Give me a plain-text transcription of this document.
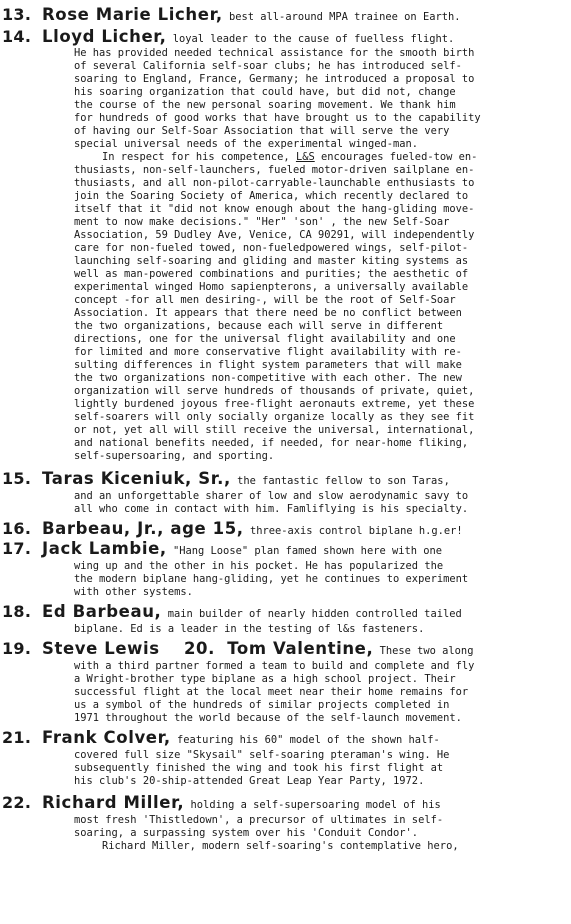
13. Rose Marie Licher, best all-around MPA trainee on Earth.
14. Lloyd Licher, loyal leader to the cause of fuelless flight.
He has provided needed technical assistance for the smooth birth
of several California self-soar clubs; he has introduced self-
soaring to England, France, Germany; he introduced a proposal to
his soaring organization that could have, but did not, change
the course of the new personal soaring movement. We thank him
for hundreds of good works that have brought us to the capability
of having our Self-Soar Association that will serve the very
special universal needs of the experimental winged-man.
In respect for his competence, L&S encourages fueled-tow en-
thusiasts, non-self-launchers, fueled motor-driven sailplane en-
thusiasts, and all non-pilot-carryable-launchable enthusiasts to
join the Soaring Society of America, which recently declared to
itself that it "did not know enough about the hang-gliding move-
ment to now make decisions." "Her" 'son' , the new Self-Soar
Association, 59 Dudley Ave, Venice, CA 90291, will independently
care for non-fueled towed, non-fueledpowered wings, self-pilot-
launching self-soaring and gliding and master kiting systems as
well as man-powered combinations and purities; the aesthetic of
experimental winged Homo sapienpterons, a universally available
concept -for all men desiring-, will be the root of Self-Soar
Association. It appears that there need be no conflict between
the two organizations, because each will serve in different
directions, one for the universal flight availability and one
for limited and more conservative flight availability with re-
sulting differences in flight system parameters that will make
the two organizations non-competitive with each other. The new
organization will serve hundreds of thousands of private, quiet,
lightly burdened joyous free-flight aeronauts extreme, yet these
self-soarers will only socially organize locally as they see fit
or not, yet all will still receive the universal, international,
and national benefits needed, if needed, for near-home fliking,
self-supersoaring, and sporting.
15. Taras Kiceniuk, Sr., the fantastic fellow to son Taras,
and an unforgettable sharer of low and slow aerodynamic savy to
all who come in contact with him. Famliflying is his specialty.
16. Barbeau, Jr., age 15, three-axis control biplane h.g.er!
17. Jack Lambie, "Hang Loose" plan famed shown here with one
wing up and the other in his pocket. He has popularized the
the modern biplane hang-gliding, yet he continues to experiment
with other systems.
18. Ed Barbeau, main builder of nearly hidden controlled tailed
biplane. Ed is a leader in the testing of l&s fasteners.
19. Steve Lewis 20. Tom Valentine, These two along
with a third partner formed a team to build and complete and fly
a Wright-brother type biplane as a high school project. Their
successful flight at the local meet near their home remains for
us a symbol of the hundreds of similar projects completed in
1971 throughout the world because of the self-launch movement.
21. Frank Colver, featuring his 60" model of the shown half-
covered full size "Skysail" self-soaring pteraman's wing. He
subsequently finished the wing and took his first flight at
his club's 20-ship-attended Great Leap Year Party, 1972.
22. Richard Miller, holding a self-supersoaring model of his
most fresh 'Thistledown', a precursor of ultimates in self-
soaring, a surpassing system over his 'Conduit Condor'.
Richard Miller, modern self-soaring's contemplative hero,
